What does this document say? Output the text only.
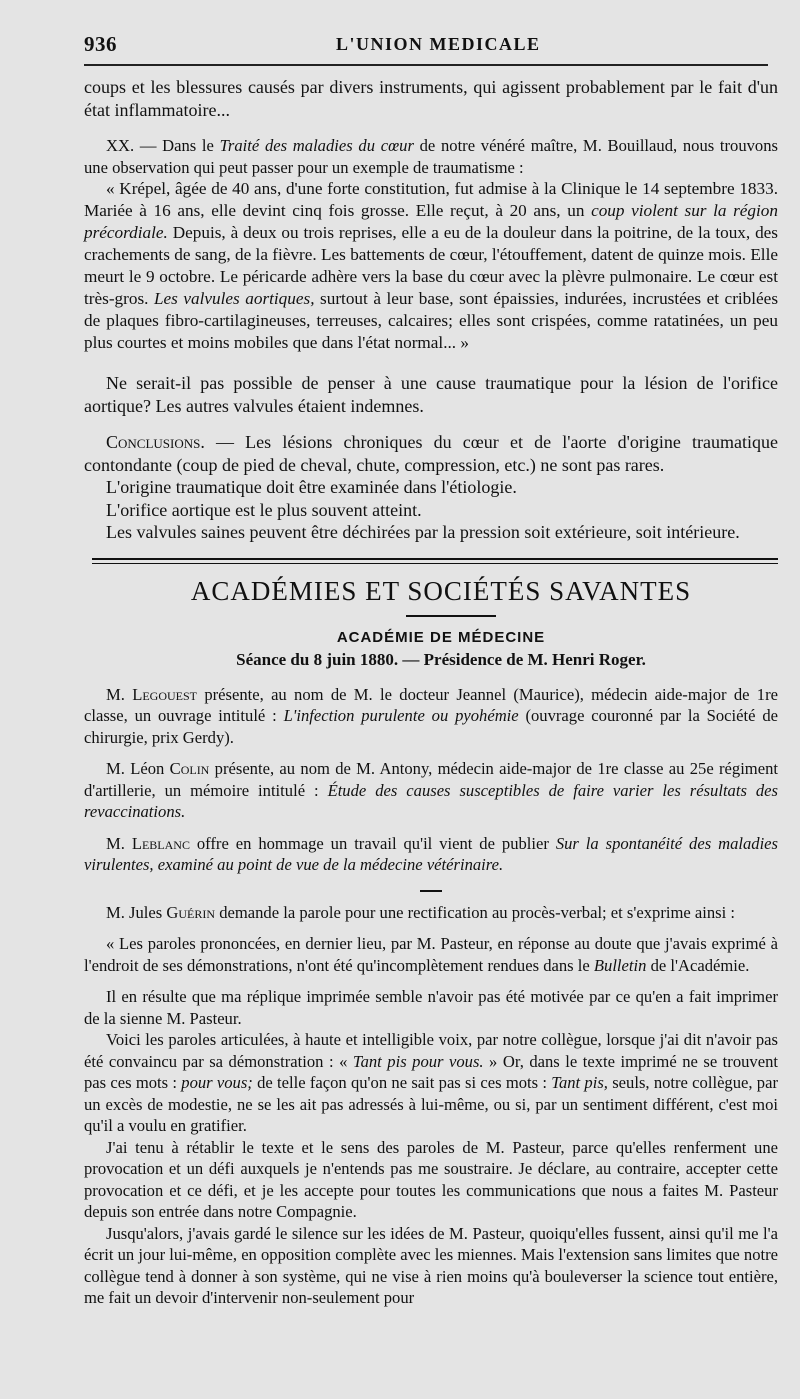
936	L'UNION MEDICALE

coups et les blessures causés par divers instruments, qui agissent probablement par le fait d'un état inflammatoire...

XX. — Dans le Traité des maladies du cœur de notre vénéré maître, M. Bouillaud, nous trouvons une observation qui peut passer pour un exemple de traumatisme :

« Krépel, âgée de 40 ans, d'une forte constitution, fut admise à la Clinique le 14 septembre 1833. Mariée à 16 ans, elle devint cinq fois grosse. Elle reçut, à 20 ans, un coup violent sur la région précordiale. Depuis, à deux ou trois reprises, elle a eu de la douleur dans la poitrine, de la toux, des crachements de sang, de la fièvre. Les battements de cœur, l'étouffement, datent de quinze mois. Elle meurt le 9 octobre. Le péricarde adhère vers la base du cœur avec la plèvre pulmonaire. Le cœur est très-gros. Les valvules aortiques, surtout à leur base, sont épaissies, indurées, incrustées et criblées de plaques fibro-cartilagineuses, terreuses, calcaires; elles sont crispées, comme ratatinées, un peu plus courtes et moins mobiles que dans l'état normal... »

Ne serait-il pas possible de penser à une cause traumatique pour la lésion de l'orifice aortique? Les autres valvules étaient indemnes.

Conclusions. — Les lésions chroniques du cœur et de l'aorte d'origine traumatique contondante (coup de pied de cheval, chute, compression, etc.) ne sont pas rares.

L'origine traumatique doit être examinée dans l'étiologie.

L'orifice aortique est le plus souvent atteint.

Les valvules saines peuvent être déchirées par la pression soit extérieure, soit intérieure.

ACADÉMIES ET SOCIÉTÉS SAVANTES
ACADÉMIE DE MÉDECINE
Séance du 8 juin 1880. — Présidence de M. Henri Roger.

M. Legouest présente, au nom de M. le docteur Jeannel (Maurice), médecin aide-major de 1re classe, un ouvrage intitulé : L'infection purulente ou pyohémie (ouvrage couronné par la Société de chirurgie, prix Gerdy).

M. Léon Colin présente, au nom de M. Antony, médecin aide-major de 1re classe au 25e régiment d'artillerie, un mémoire intitulé : Étude des causes susceptibles de faire varier les résultats des revaccinations.

M. Leblanc offre en hommage un travail qu'il vient de publier Sur la spontanéité des maladies virulentes, examiné au point de vue de la médecine vétérinaire.

M. Jules Guérin demande la parole pour une rectification au procès-verbal; et s'exprime ainsi :

« Les paroles prononcées, en dernier lieu, par M. Pasteur, en réponse au doute que j'avais exprimé à l'endroit de ses démonstrations, n'ont été qu'incomplètement rendues dans le Bulletin de l'Académie.

Il en résulte que ma réplique imprimée semble n'avoir pas été motivée par ce qu'en a fait imprimer de la sienne M. Pasteur.

Voici les paroles articulées, à haute et intelligible voix, par notre collègue, lorsque j'ai dit n'avoir pas été convaincu par sa démonstration : « Tant pis pour vous. » Or, dans le texte imprimé ne se trouvent pas ces mots : pour vous; de telle façon qu'on ne sait pas si ces mots : Tant pis, seuls, notre collègue, par un excès de modestie, ne se les ait pas adressés à lui-même, ou si, par un sentiment différent, c'est moi qu'il a voulu en gratifier.

J'ai tenu à rétablir le texte et le sens des paroles de M. Pasteur, parce qu'elles renferment une provocation et un défi auxquels je n'entends pas me soustraire. Je déclare, au contraire, accepter cette provocation et ce défi, et je les accepte pour toutes les communications que nous a faites M. Pasteur depuis son entrée dans notre Compagnie.

Jusqu'alors, j'avais gardé le silence sur les idées de M. Pasteur, quoiqu'elles fussent, ainsi qu'il me l'a écrit un jour lui-même, en opposition complète avec les miennes. Mais l'extension sans limites que notre collègue tend à donner à son système, qui ne vise à rien moins qu'à bouleverser la science tout entière, me fait un devoir d'intervenir non-seulement pour
